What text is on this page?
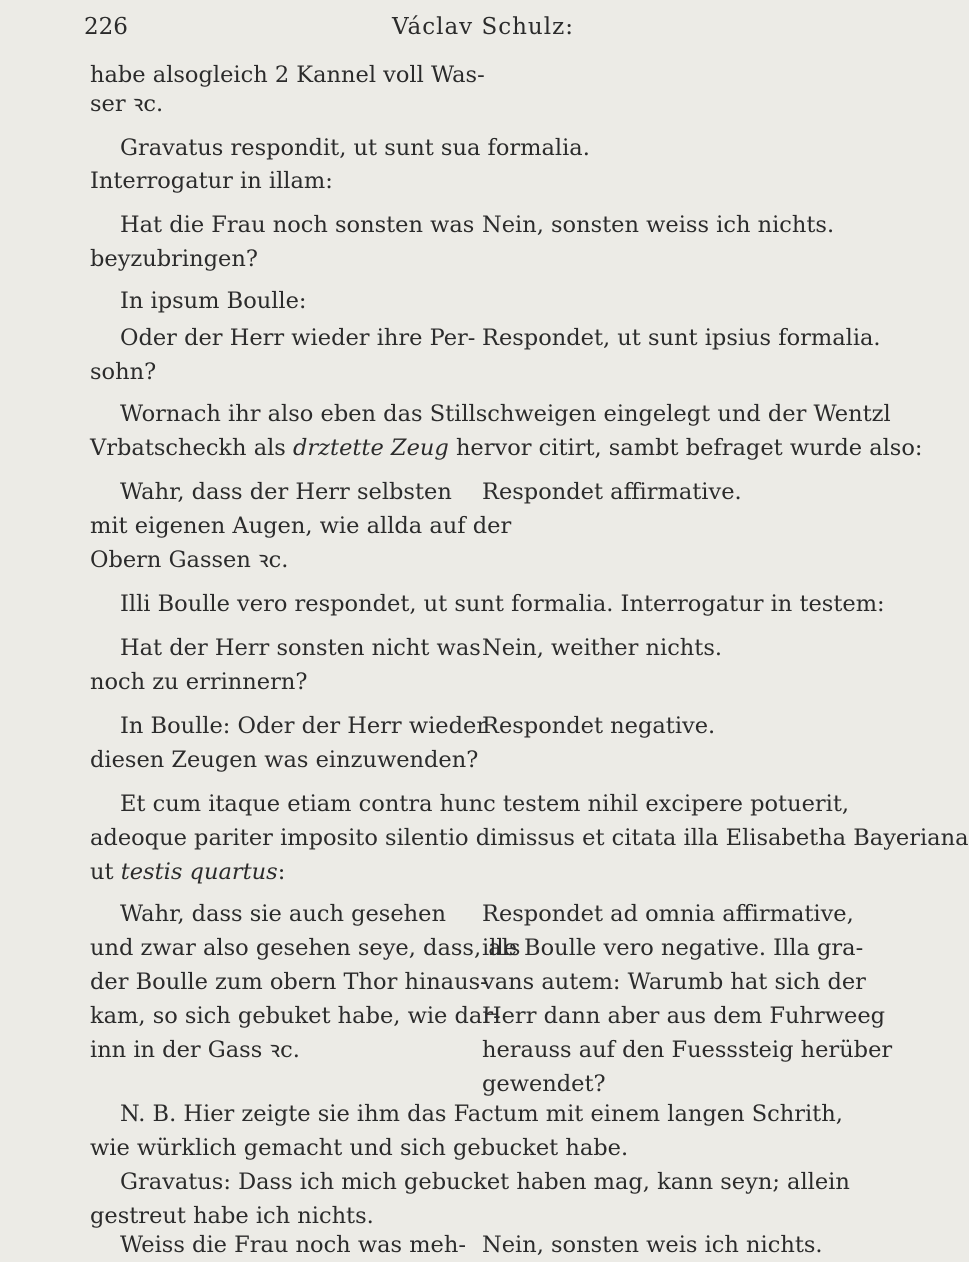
226	Václav Schulz:
habe alsogleich 2 Kannel voll Was-
ser ꝛc.
Gravatus respondit, ut sunt sua formalia.
Interrogatur in illam:
Hat die Frau noch sonsten was
beyzubringen?
Nein, sonsten weiss ich nichts.
In ipsum Boulle:
Oder der Herr wieder ihre Per-
sohn?
Respondet, ut sunt ipsius formalia.
Wornach ihr also eben das Stillschweigen eingelegt und der Wentzl
Vrbatscheckh als drztette Zeug hervor citirt, sambt befraget wurde also:
Wahr, dass der Herr selbsten
mit eigenen Augen, wie allda auf der
Obern Gassen ꝛc.
Respondet affirmative.
Illi Boulle vero respondet, ut sunt formalia. Interrogatur in testem:
Hat der Herr sonsten nicht was
noch zu errinnern?
Nein, weither nichts.
In Boulle: Oder der Herr wieder
diesen Zeugen was einzuwenden?
Respondet negative.
Et cum itaque etiam contra hunc testem nihil excipere potuerit,
adeoque pariter imposito silentio dimissus et citata illa Elisabetha Bayeriana
ut testis quartus:
Wahr, dass sie auch gesehen
und zwar also gesehen seye, dass, als
der Boulle zum obern Thor hinaus-
kam, so sich gebuket habe, wie dar-
inn in der Gass ꝛc.
Respondet ad omnia affirmative,
ille Boulle vero negative. Illa gra-
vans autem: Warumb hat sich der
Herr dann aber aus dem Fuhrweeg
herauss auf den Fuesssteig herüber
gewendet?
N. B. Hier zeigte sie ihm das Factum mit einem langen Schrith,
wie würklich gemacht und sich gebucket habe.
Gravatus: Dass ich mich gebucket haben mag, kann seyn; allein
gestreut habe ich nichts.
Weiss die Frau noch was meh- Nein, sonsten weis ich nichts.
